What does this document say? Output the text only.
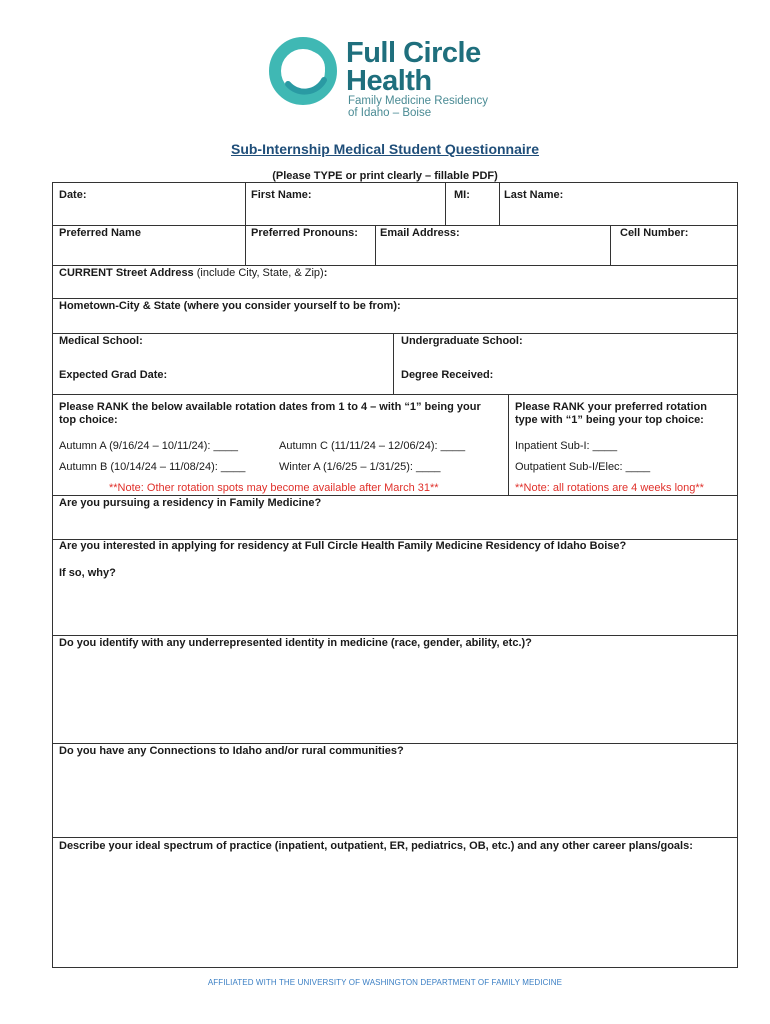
Full Circle
Health
Family Medicine Residency
of Idaho – Boise
Sub-Internship Medical Student Questionnaire
(Please TYPE or print clearly – fillable PDF)
Date:	First Name:	MI:	Last Name:
Preferred Name	Preferred Pronouns: Email Address:	Cell Number:
CURRENT Street Address (include City, State, & Zip):
Hometown-City & State (where you consider yourself to be from):
Medical School:	Undergraduate School:
Expected Grad Date:	Degree Received:
Please RANK the below available rotation dates from 1 to 4 – with “1” being your
top choice:
Please RANK your preferred rotation
type with “1” being your top choice:
Autumn A (9/16/24 – 10/11/24): ____	Autumn C (11/11/24 – 12/06/24): ____	Inpatient Sub-I: ____
Autumn B (10/14/24 – 11/08/24): ____	Winter A (1/6/25 – 1/31/25): ____	Outpatient Sub-I/Elec: ____
**Note: Other rotation spots may become available after March 31**	**Note: all rotations are 4 weeks long**
Are you pursuing a residency in Family Medicine?
Are you interested in applying for residency at Full Circle Health Family Medicine Residency of Idaho Boise?
If so, why?
Do you identify with any underrepresented identity in medicine (race, gender, ability, etc.)?
Do you have any Connections to Idaho and/or rural communities?
Describe your ideal spectrum of practice (inpatient, outpatient, ER, pediatrics, OB, etc.) and any other career plans/goals:
AFFILIATED WITH THE UNIVERSITY OF WASHINGTON DEPARTMENT OF FAMILY MEDICINE
